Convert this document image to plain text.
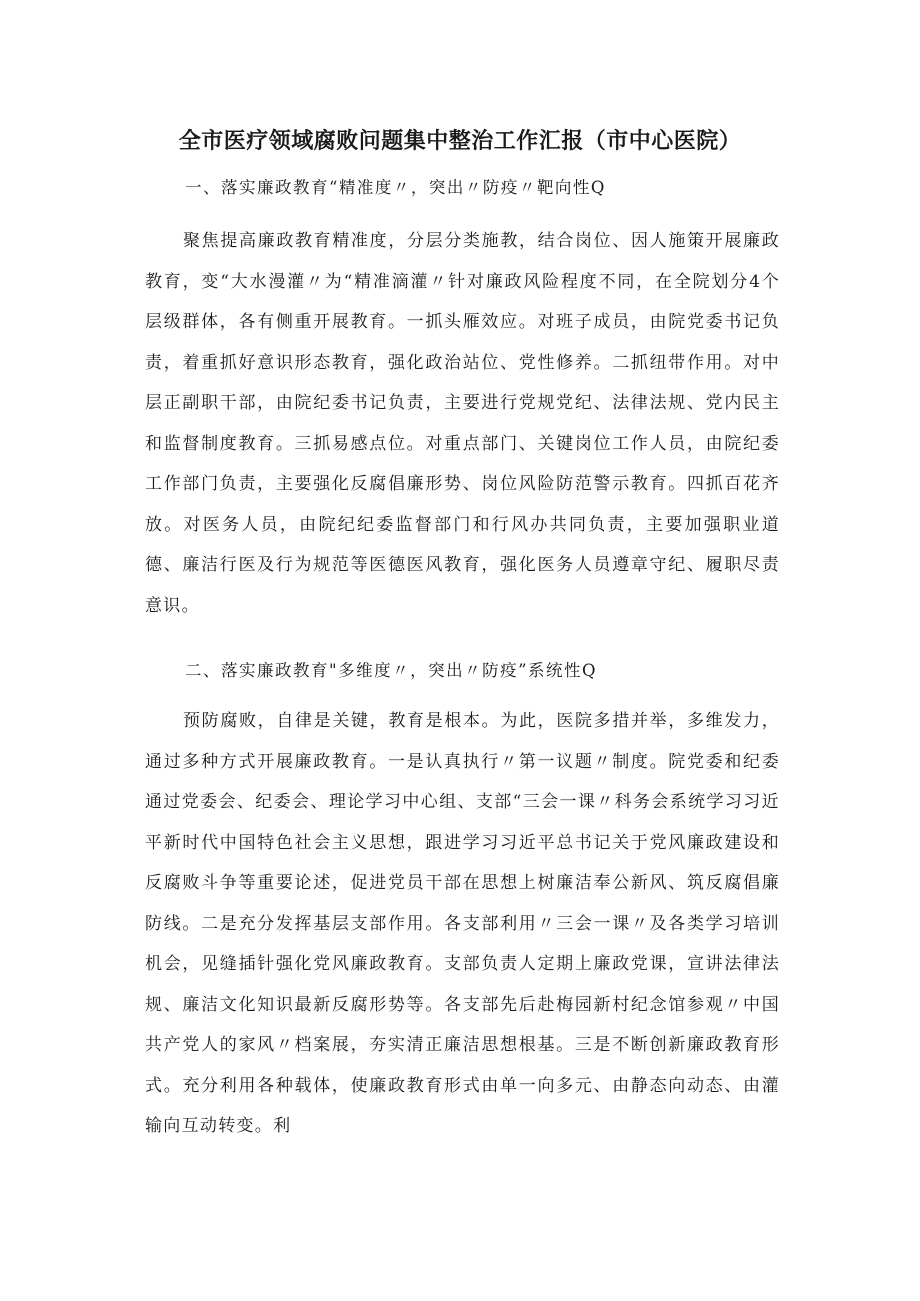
全市医疗领域腐败问题集中整治工作汇报（市中心医院）

一、落实廉政教育“精准度〃，突出〃防疫〃靶向性Q

聚焦提高廉政教育精准度，分层分类施教，结合岗位、因人施策开展廉政教育，变“大水漫灌〃为“精准滴灌〃针对廉政风险程度不同，在全院划分4个层级群体，各有侧重开展教育。一抓头雁效应。对班子成员，由院党委书记负责，着重抓好意识形态教育，强化政治站位、党性修养。二抓纽带作用。对中层正副职干部，由院纪委书记负责，主要进行党规党纪、法律法规、党内民主和监督制度教育。三抓易感点位。对重点部门、关键岗位工作人员，由院纪委工作部门负责，主要强化反腐倡廉形势、岗位风险防范警示教育。四抓百花齐放。对医务人员，由院纪纪委监督部门和行风办共同负责，主要加强职业道德、廉洁行医及行为规范等医德医风教育，强化医务人员遵章守纪、履职尽责意识。

二、落实廉政教育"多维度〃，突出〃防疫”系统性Q

预防腐败，自律是关键，教育是根本。为此，医院多措并举，多维发力，通过多种方式开展廉政教育。一是认真执行〃第一议题〃制度。院党委和纪委通过党委会、纪委会、理论学习中心组、支部“三会一课〃科务会系统学习习近平新时代中国特色社会主义思想，跟进学习习近平总书记关于党风廉政建设和反腐败斗争等重要论述，促进党员干部在思想上树廉洁奉公新风、筑反腐倡廉防线。二是充分发挥基层支部作用。各支部利用〃三会一课〃及各类学习培训机会，见缝插针强化党风廉政教育。支部负责人定期上廉政党课，宣讲法律法规、廉洁文化知识最新反腐形势等。各支部先后赴梅园新村纪念馆参观〃中国共产党人的家风〃档案展，夯实清正廉洁思想根基。三是不断创新廉政教育形式。充分利用各种载体，使廉政教育形式由单一向多元、由静态向动态、由灌输向互动转变。利
